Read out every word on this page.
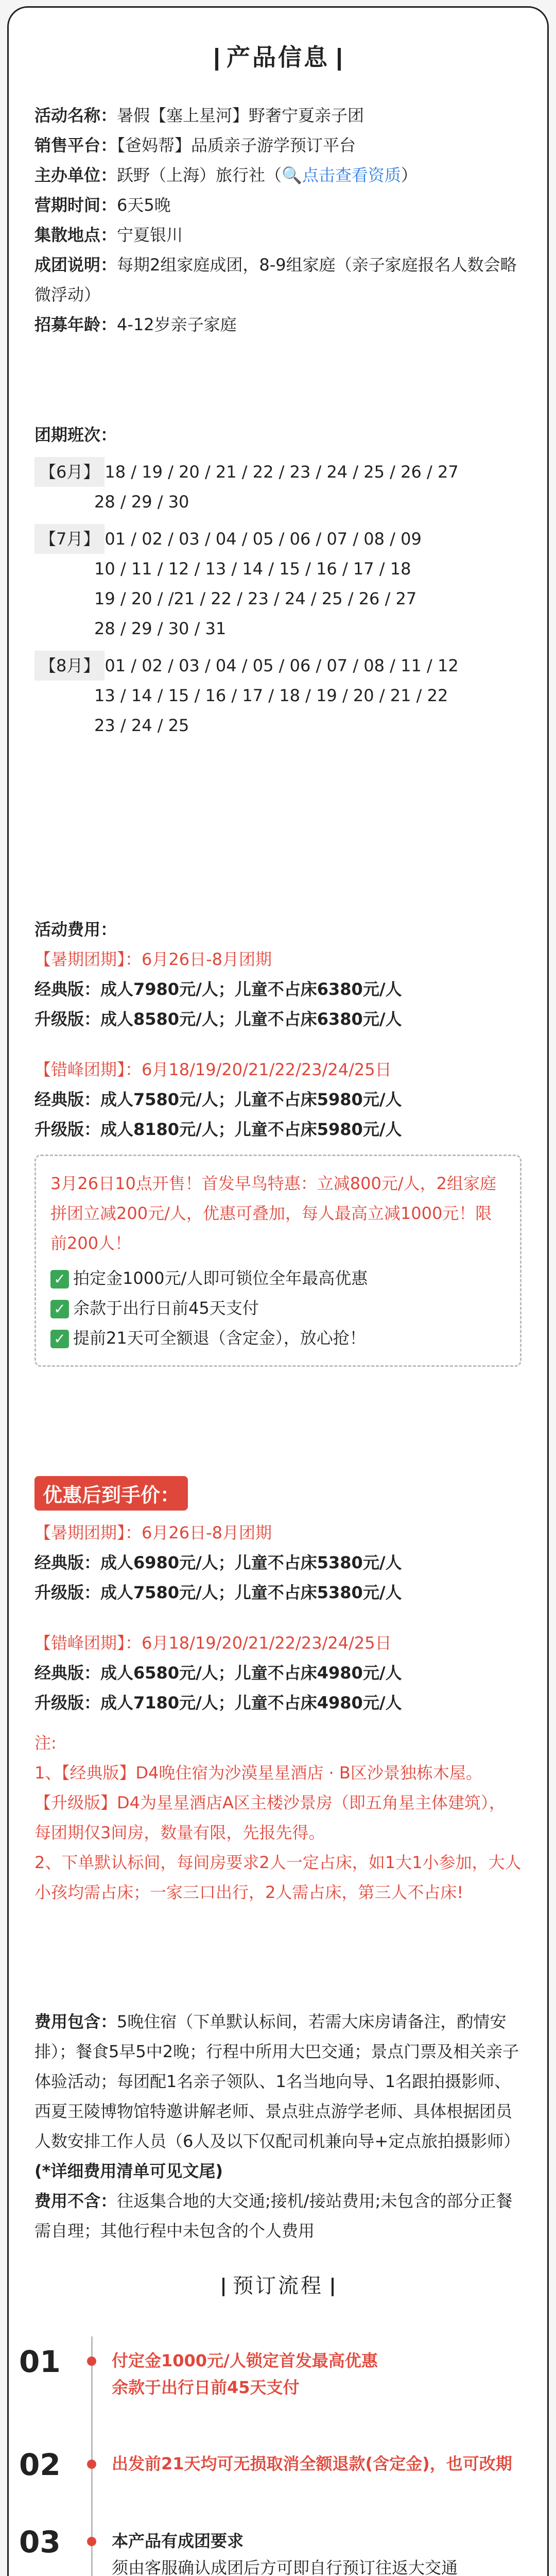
产品信息
活动名称：暑假【塞上星河】野奢宁夏亲子团
销售平台：【爸妈帮】品质亲子游学预订平台
主办单位：跃野（上海）旅行社（🔍点击查看资质）
营期时间：6天5晚
集散地点：宁夏银川
成团说明：每期2组家庭成团，8-9组家庭（亲子家庭报名人数会略微浮动）
招募年龄：4-12岁亲子家庭
团期班次：
【6月】 18 / 19 / 20 / 21 / 22 / 23 / 24 / 25 / 26 / 27
28 / 29 / 30
【7月】 01 / 02 / 03 / 04 / 05 / 06 / 07 / 08 / 09
10 / 11 / 12 / 13 / 14 / 15 / 16 / 17 / 18
19 / 20 / /21 / 22 / 23 / 24 / 25 / 26 / 27
28 / 29 / 30 / 31
【8月】 01 / 02 / 03 / 04 / 05 / 06 / 07 / 08 / 11 / 12
13 / 14 / 15 / 16 / 17 / 18 / 19 / 20 / 21 / 22
23 / 24 / 25
活动费用：
【暑期团期】：6月26日-8月团期
经典版：成人7980元/人；儿童不占床6380元/人
升级版：成人8580元/人；儿童不占床6380元/人
【错峰团期】：6月18/19/20/21/22/23/24/25日
经典版：成人7580元/人；儿童不占床5980元/人
升级版：成人8180元/人；儿童不占床5980元/人
3月26日10点开售！首发早鸟特惠：立减800元/人，2组家庭拼团立减200元/人，优惠可叠加，每人最高立减1000元！限前200人！
✓ 拍定金1000元/人即可锁位全年最高优惠
✓ 余款于出行日前45天支付
✓ 提前21天可全额退（含定金），放心抢！
优惠后到手价：
【暑期团期】：6月26日-8月团期
经典版：成人6980元/人；儿童不占床5380元/人
升级版：成人7580元/人；儿童不占床5380元/人
【错峰团期】：6月18/19/20/21/22/23/24/25日
经典版：成人6580元/人；儿童不占床4980元/人
升级版：成人7180元/人；儿童不占床4980元/人
注:
1、【经典版】D4晚住宿为沙漠星星酒店 · B区沙景独栋木屋。
【升级版】D4为星星酒店A区主楼沙景房（即五角星主体建筑），每团期仅3间房，数量有限，先报先得。
2、下单默认标间，每间房要求2人一定占床，如1大1小参加，大人小孩均需占床；一家三口出行，2人需占床，第三人不占床!
费用包含：5晚住宿（下单默认标间，若需大床房请备注，酌情安排）；餐食5早5中2晚；行程中所用大巴交通；景点门票及相关亲子体验活动；每团配1名亲子领队、1名当地向导、1名跟拍摄影师、西夏王陵博物馆特邀讲解老师、景点驻点游学老师、具体根据团员人数安排工作人员（6人及以下仅配司机兼向导+定点旅拍摄影师）(*详细费用清单可见文尾)
费用不含：往返集合地的大交通;接机/接站费用;未包含的部分正餐需自理；其他行程中未包含的个人费用
预订流程
01	付定金1000元/人锁定首发最高优惠
余款于出行日前45天支付
02	出发前21天均可无损取消全额退款(含定金)，也可改期
03	本产品有成团要求
须由客服确认成团后方可即自行预订往返大交通
